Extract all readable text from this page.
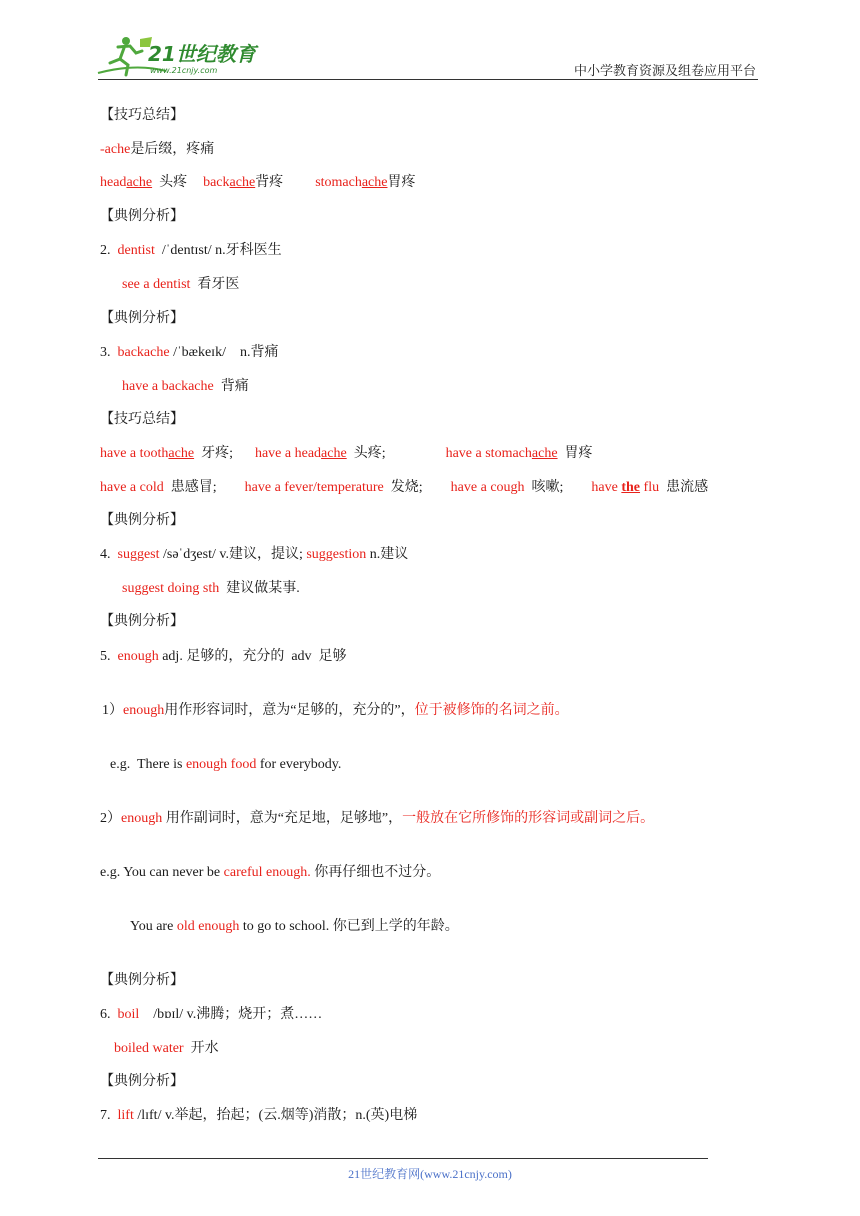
21世纪教育
www.21cnjy.com	中小学教育资源及组卷应用平台
【技巧总结】
-ache是后缀，疼痛
headache 头疼 backache背疼 stomachache胃疼
【典例分析】
2. dentist /ˈdentɪst/ n.牙科医生
see a dentist 看牙医
【典例分析】
3. backache /ˈbækeɪk/    n.背痛
have a backache 背痛
【技巧总结】
have a toothache 牙疼; have a headache 头疼;	have a stomachache 胃疼
have a cold 患感冒; have a fever/temperature 发烧; have a cough 咳嗽; have the flu 患流感
【典例分析】
4. suggest /səˈdʒest/ v.建议，提议; suggestion n.建议
suggest doing sth 建议做某事.
【典例分析】
5. enough adj. 足够的，充分的  adv  足够
1）enough用作形容词时，意为“足够的，充分的”，位于被修饰的名词之前。
e.g.  There is enough food for everybody.
2）enough 用作副词时，意为“充足地，足够地”，一般放在它所修饰的形容词或副词之后。
e.g. You can never be careful enough. 你再仔细也不过分。
You are old enough to go to school. 你已到上学的年龄。
【典例分析】
6. boil /bɒɪl/ v.沸腾；烧开；煮……
boiled water 开水
【典例分析】
7. lift /lɪft/ v.举起，抬起；(云.烟等)消散；n.(英)电梯
21世纪教育网(www.21cnjy.com)
